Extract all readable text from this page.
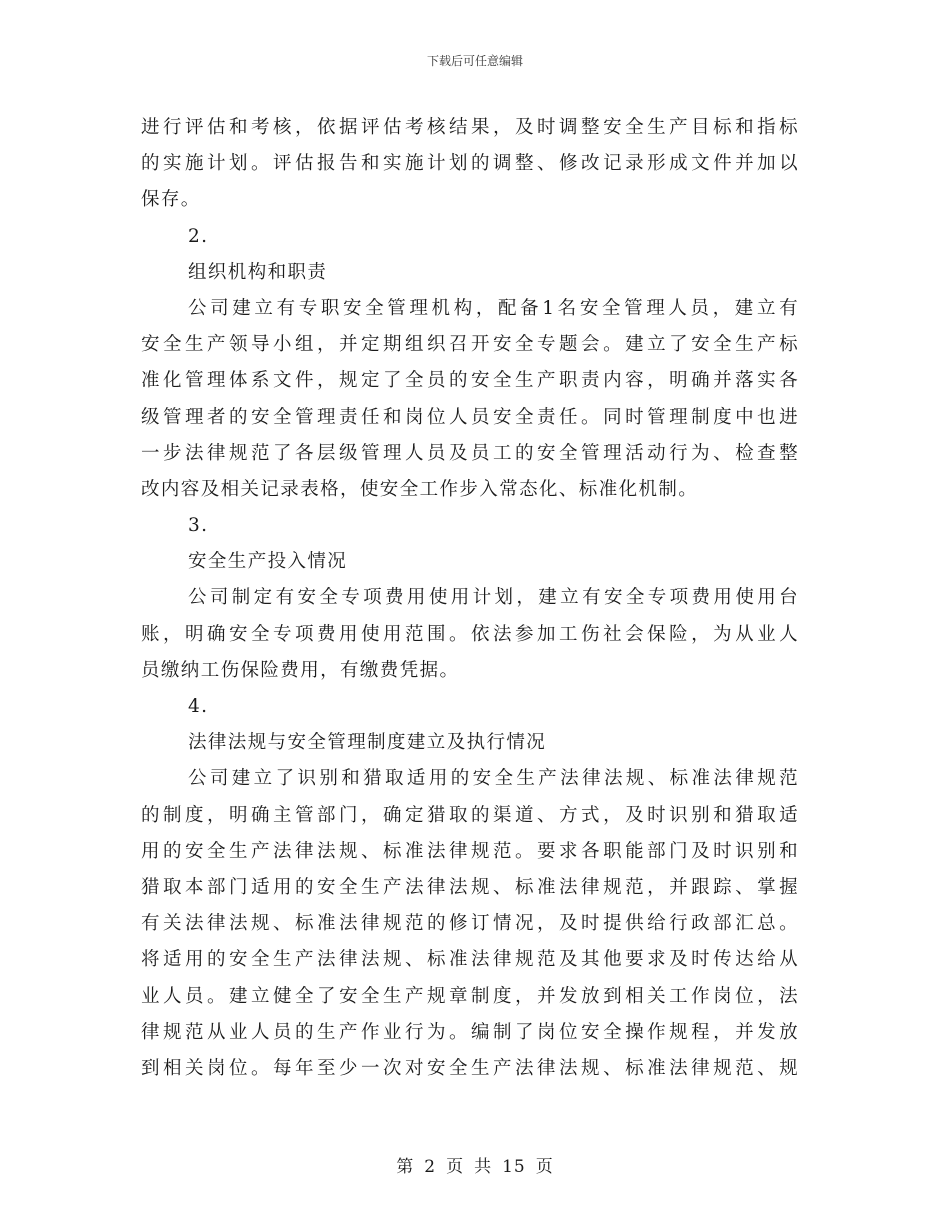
下载后可任意编辑
进行评估和考核，依据评估考核结果，及时调整安全生产目标和指标
的实施计划。评估报告和实施计划的调整、修改记录形成文件并加以
保存。
2.
组织机构和职责
公司建立有专职安全管理机构，配备1名安全管理人员，建立有
安全生产领导小组，并定期组织召开安全专题会。建立了安全生产标
准化管理体系文件，规定了全员的安全生产职责内容，明确并落实各
级管理者的安全管理责任和岗位人员安全责任。同时管理制度中也进
一步法律规范了各层级管理人员及员工的安全管理活动行为、检查整
改内容及相关记录表格，使安全工作步入常态化、标准化机制。
3.
安全生产投入情况
公司制定有安全专项费用使用计划，建立有安全专项费用使用台
账，明确安全专项费用使用范围。依法参加工伤社会保险，为从业人
员缴纳工伤保险费用，有缴费凭据。
4.
法律法规与安全管理制度建立及执行情况
公司建立了识别和猎取适用的安全生产法律法规、标准法律规范
的制度，明确主管部门，确定猎取的渠道、方式，及时识别和猎取适
用的安全生产法律法规、标准法律规范。要求各职能部门及时识别和
猎取本部门适用的安全生产法律法规、标准法律规范，并跟踪、掌握
有关法律法规、标准法律规范的修订情况，及时提供给行政部汇总。
将适用的安全生产法律法规、标准法律规范及其他要求及时传达给从
业人员。建立健全了安全生产规章制度，并发放到相关工作岗位，法
律规范从业人员的生产作业行为。编制了岗位安全操作规程，并发放
到相关岗位。每年至少一次对安全生产法律法规、标准法律规范、规
第 2 页 共 15 页
